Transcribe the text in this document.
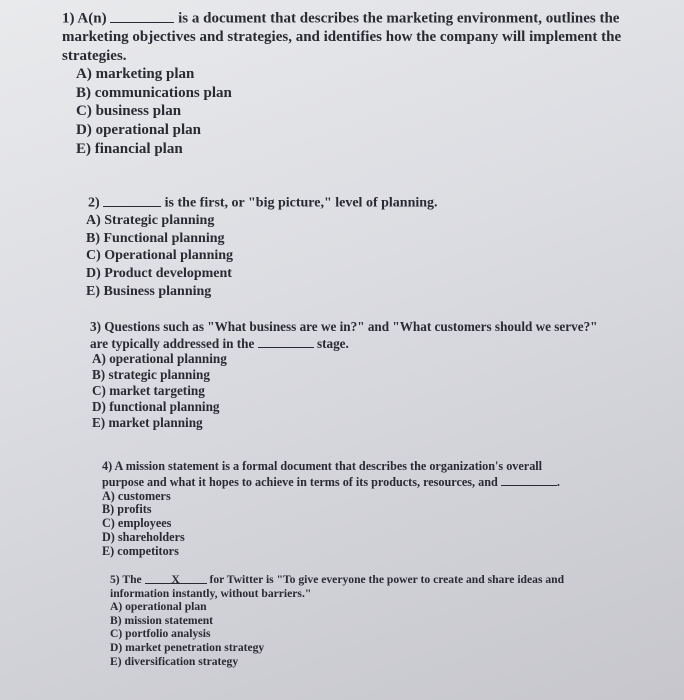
1) A(n)	is a document that describes the marketing environment, outlines the
marketing objectives and strategies, and identifies how the company will implement the
strategies.
A) marketing plan
B) communications plan
C) business plan
D) operational plan
E) financial plan
2)	is the first, or "big picture," level of planning.
A) Strategic planning
B) Functional planning
C) Operational planning
D) Product development
E) Business planning
3) Questions such as "What business are we in?" and "What customers should we serve?"
are typically addressed in the	stage.
A) operational planning
B) strategic planning
C) market targeting
D) functional planning
E) market planning
4) A mission statement is a formal document that describes the organization's overall
purpose and what it hopes to achieve in terms of its products, resources, and	.
A) customers
B) profits
C) employees
D) shareholders
E) competitors
5) The	X	for Twitter is "To give everyone the power to create and share ideas and
information instantly, without barriers."
A) operational plan
B) mission statement
C) portfolio analysis
D) market penetration strategy
E) diversification strategy
